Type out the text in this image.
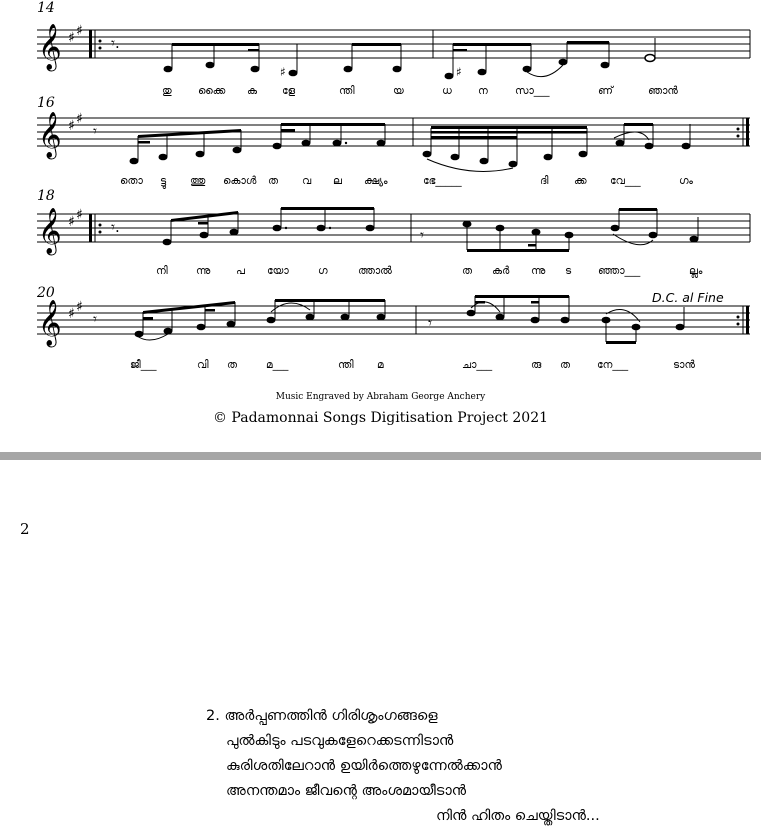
14
𝄞 ♯ ♯
𝄾.
♯	♯
തു	ക്കൈ ക ളേ	ന്തി	യ	ധ	ന	സാ___	ണ്	ഞാൻ
16
𝄞 ♯ ♯
𝄾
തൊ ട്ടു ത്തു കൊൾ ത വ ല ക്ഷ്യം	ഭേ_____	ദി ക്ക വേ___	ഗം
18
𝄞 ♯ ♯
𝄾.	𝄾
നി	ന്നു പ യോ	ഗ	ത്താൽ	ത കർ ന്നു ട	ഞ്ഞാ___	ല്ലം
20	D.C. al Fine
𝄞 ♯ ♯
𝄾	𝄾
ജീ___	വി ത	മ___	ന്തി മ	ചാ___	രു ത	നേ___	ടാൻ
Music Engraved by Abraham George Anchery
© Padamonnai Songs Digitisation Project 2021
2
2. അർപ്പണത്തിൻ ഗിരിശൃംഗങ്ങളെ
പുൽകിടും പടവുകളേറെക്കടന്നിടാൻ
കുരിശതിലേറാൻ ഉയിർത്തെഴുന്നേൽക്കാൻ
അനന്തമാം ജീവന്റെ അംശമായീടാൻ
നിൻ ഹിതം ചെയ്തിടാൻ...
